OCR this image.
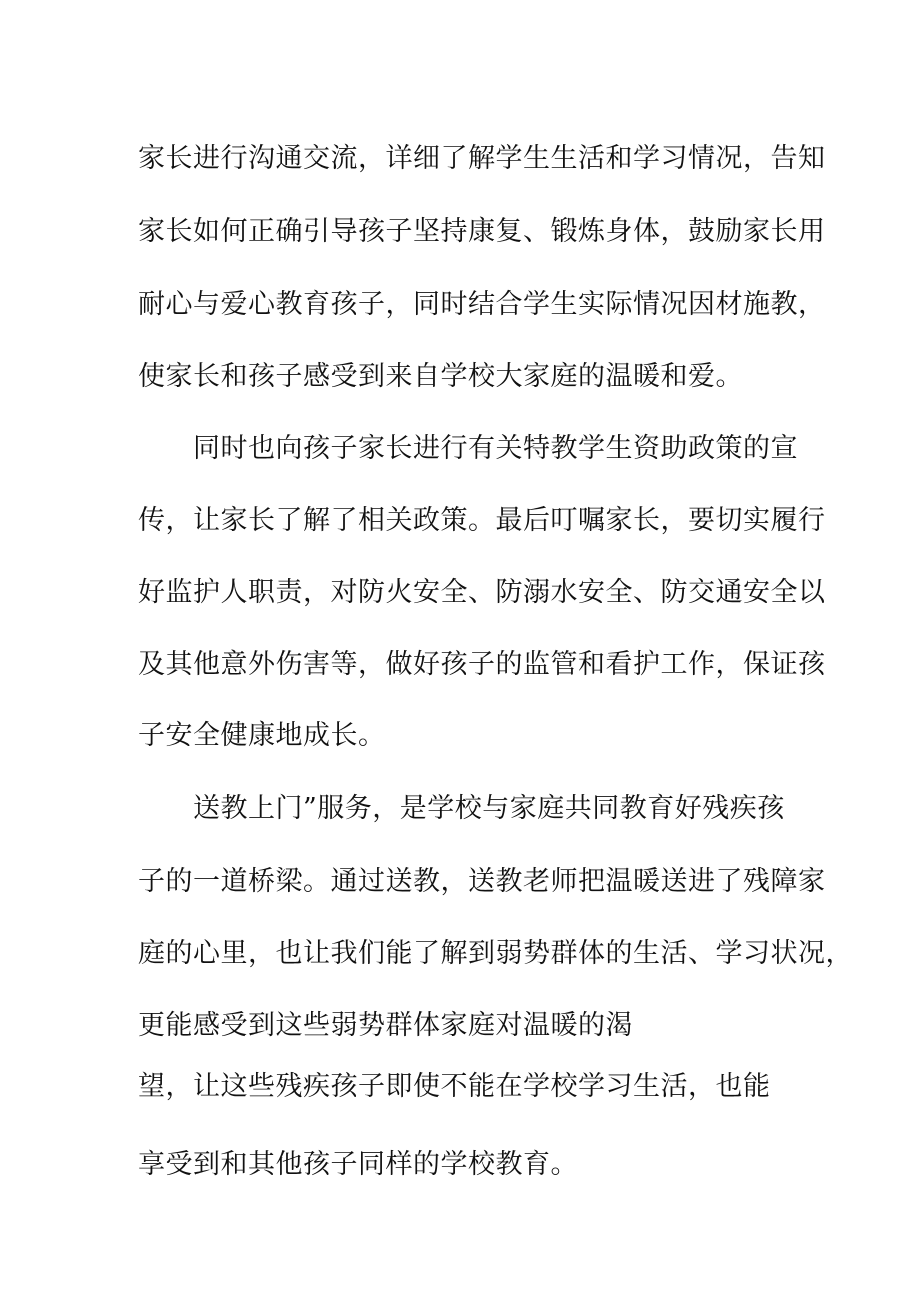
家长进行沟通交流，详细了解学生生活和学习情况，告知

家长如何正确引导孩子坚持康复、锻炼身体，鼓励家长用

耐心与爱心教育孩子，同时结合学生实际情况因材施教，

使家长和孩子感受到来自学校大家庭的温暖和爱。

同时也向孩子家长进行有关特教学生资助政策的宣

传，让家长了解了相关政策。最后叮嘱家长，要切实履行

好监护人职责，对防火安全、防溺水安全、防交通安全以

及其他意外伤害等，做好孩子的监管和看护工作，保证孩

子安全健康地成长。

送教上门”服务，是学校与家庭共同教育好残疾孩

子的一道桥梁。通过送教，送教老师把温暖送进了残障家

庭的心里，也让我们能了解到弱势群体的生活、学习状况，

更能感受到这些弱势群体家庭对温暖的渴

望，让这些残疾孩子即使不能在学校学习生活，也能

享受到和其他孩子同样的学校教育。
